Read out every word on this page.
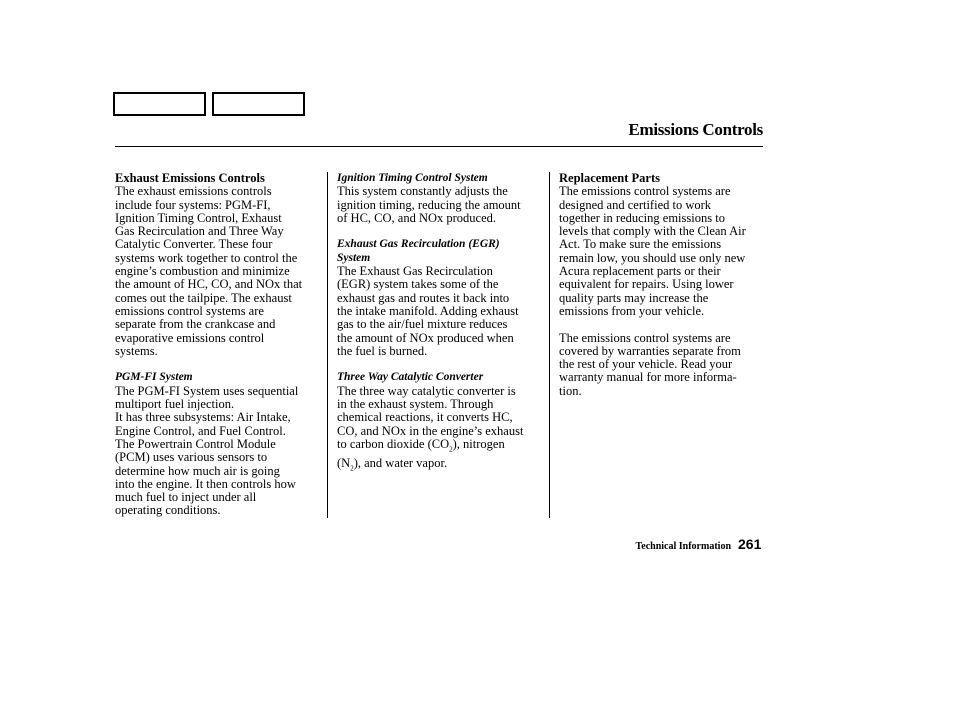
Emissions Controls
Exhaust Emissions Controls
The exhaust emissions controls
include four systems: PGM-FI,
Ignition Timing Control, Exhaust
Gas Recirculation and Three Way
Catalytic Converter. These four
systems work together to control the
engine’s combustion and minimize
the amount of HC, CO, and NOx that
comes out the tailpipe. The exhaust
emissions control systems are
separate from the crankcase and
evaporative emissions control
systems.
PGM-FI System
The PGM-FI System uses sequential
multiport fuel injection.
It has three subsystems: Air Intake,
Engine Control, and Fuel Control.
The Powertrain Control Module
(PCM) uses various sensors to
determine how much air is going
into the engine. It then controls how
much fuel to inject under all
operating conditions.
Ignition Timing Control System
This system constantly adjusts the
ignition timing, reducing the amount
of HC, CO, and NOx produced.
Exhaust Gas Recirculation (EGR)
System
The Exhaust Gas Recirculation
(EGR) system takes some of the
exhaust gas and routes it back into
the intake manifold. Adding exhaust
gas to the air/fuel mixture reduces
the amount of NOx produced when
the fuel is burned.
Three Way Catalytic Converter
The three way catalytic converter is
in the exhaust system. Through
chemical reactions, it converts HC,
CO, and NOx in the engine’s exhaust
to carbon dioxide $(CO_2)$, nitrogen
$(N_2)$, and water vapor.
Replacement Parts
The emissions control systems are
designed and certified to work
together in reducing emissions to
levels that comply with the Clean Air
Act. To make sure the emissions
remain low, you should use only new
Acura replacement parts or their
equivalent for repairs. Using lower
quality parts may increase the
emissions from your vehicle.
The emissions control systems are
covered by warranties separate from
the rest of your vehicle. Read your
warranty manual for more informa-
tion.
Technical Information 261
